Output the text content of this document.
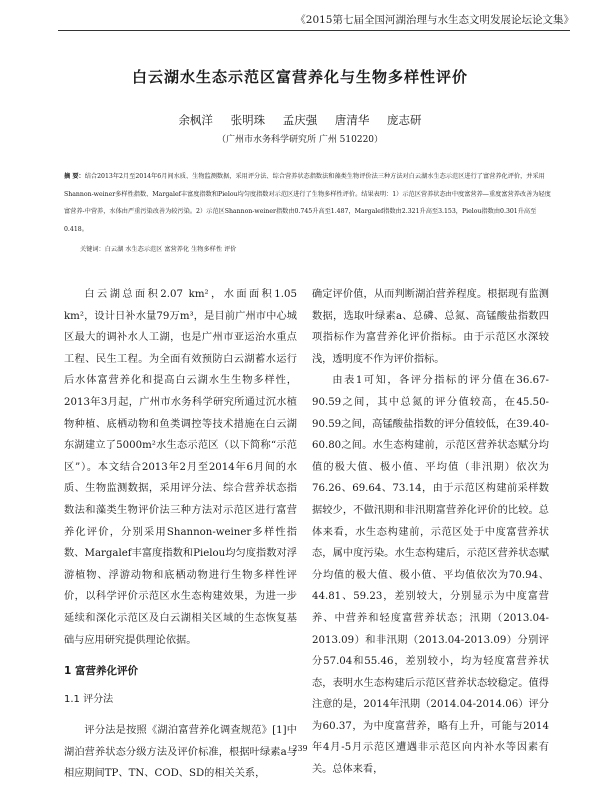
《2015第七届全国河湖治理与水生态文明发展论坛论文集》
白云湖水生态示范区富营养化与生物多样性评价
余枫洋 张明珠 孟庆强 唐清华 庞志研
（广州市水务科学研究所 广州 510220）
摘 要：结合2013年2月至2014年6月间水质、生物监测数据，采用评分法、综合营养状态指数法和藻类生物评价法三种方法对白云湖水生态示范区进行了富营养化评价，并采用Shannon-weiner多样性指数、Margalef丰富度指数和Pielou均匀度指数对示范区进行了生物多样性评价。结果表明：1）示范区营养状态由中度富营养—重度富营养改善为轻度富营养-中营养，水体由严重污染改善为较污染。2）示范区Shannon-weiner指数由0.745升高至1.487，Margalef指数由2.321升高至3.153，Pielou指数由0.301升高至0.418。
关键词：白云湖 水生态示范区 富营养化 生物多样性 评价

白云湖总面积2.07 km²，水面面积1.05 km²，设计日补水量79万m³，是目前广州市中心城区最大的调补水人工湖，也是广州市亚运治水重点工程、民生工程。为全面有效预防白云湖蓄水运行后水体富营养化和提高白云湖水生生物多样性，2013年3月起，广州市水务科学研究所通过沉水植物种植、底栖动物和鱼类调控等技术措施在白云湖东湖建立了5000m²水生态示范区（以下简称“示范区”）。本文结合2013年2月至2014年6月间的水质、生物监测数据，采用评分法、综合营养状态指数法和藻类生物评价法三种方法对示范区进行富营养化评价，分别采用Shannon-weiner多样性指数、Margalef丰富度指数和Pielou均匀度指数对浮游植物、浮游动物和底栖动物进行生物多样性评价，以科学评价示范区水生态构建效果，为进一步延续和深化示范区及白云湖相关区域的生态恢复基础与应用研究提供理论依据。

1 富营养化评价
1.1 评分法

评分法是按照《湖泊富营养化调查规范》[1]中湖泊营养状态分级方法及评价标准，根据叶绿素a与相应期间TP、TN、COD、SD的相关关系，

确定评价值，从而判断湖泊营养程度。根据现有监测数据，选取叶绿素a、总磷、总氮、高锰酸盐指数四项指标作为富营养化评价指标。由于示范区水深较浅，透明度不作为评价指标。

由表1可知，各评分指标的评分值在36.67-90.59之间，其中总氮的评分值较高，在45.50-90.59之间，高锰酸盐指数的评分值较低，在39.40-60.80之间。水生态构建前，示范区营养状态赋分均值的极大值、极小值、平均值（非汛期）依次为76.26、69.64、73.14，由于示范区构建前采样数据较少，不做汛期和非汛期富营养化评价的比较。总体来看，水生态构建前，示范区处于中度富营养状态，属中度污染。水生态构建后，示范区营养状态赋分均值的极大值、极小值、平均值依次为70.94、44.81、59.23，差别较大，分别显示为中度富营养、中营养和轻度富营养状态；汛期（2013.04-2013.09）和非汛期（2013.04-2013.09）分别评分57.04和55.46，差别较小，均为轻度富营养状态，表明水生态构建后示范区营养状态较稳定。值得注意的是，2014年汛期（2014.04-2014.06）评分为60.37，为中度富营养，略有上升，可能与2014年4月-5月示范区遭遇非示范区向内补水等因素有关。总体来看，

239
